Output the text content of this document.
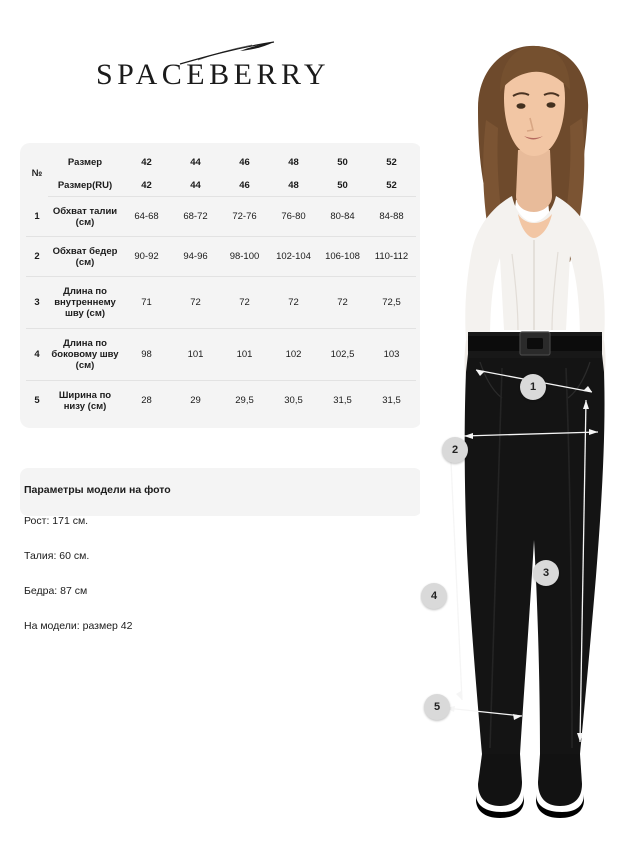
SPACEBERRY
№	Размер	42	44	46	48	50	52
	Размер(RU)	42	44	46	48	50	52
1	Обхват талии (см)	64-68	68-72	72-76	76-80	80-84	84-88
2	Обхват бедер (см)	90-92	94-96	98-100	102-104	106-108	110-112
3	Длина по внутреннему шву (см)	71	72	72	72	72	72,5
4	Длина по боковому шву (см)	98	101	101	102	102,5	103
5	Ширина по низу (см)	28	29	29,5	30,5	31,5	31,5
Параметры модели на фото
Рост: 171 см.
Талия: 60 см.
Бедра: 87 см
На модели: размер 42
1
2
3
4
5
